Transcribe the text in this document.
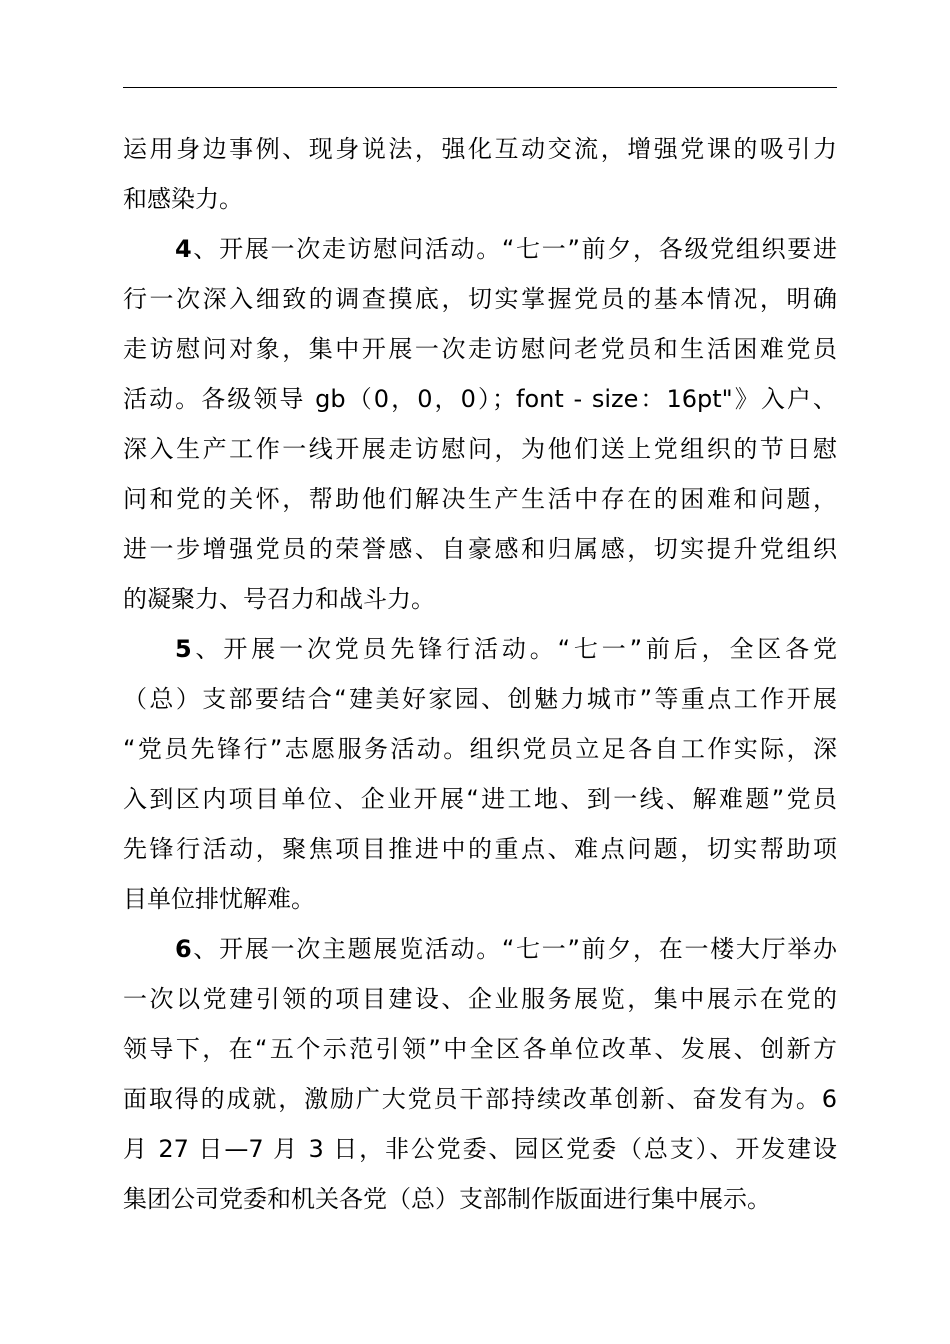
运用身边事例、现身说法，强化互动交流，增强党课的吸引力
和感染力。
4、开展一次走访慰问活动。“七一”前夕，各级党组织要进
行一次深入细致的调查摸底，切实掌握党员的基本情况，明确
走访慰问对象，集中开展一次走访慰问老党员和生活困难党员
活动。各级领导 gb（0，0，0）；font - size：16pt"》入户、
深入生产工作一线开展走访慰问，为他们送上党组织的节日慰
问和党的关怀，帮助他们解决生产生活中存在的困难和问题，
进一步增强党员的荣誉感、自豪感和归属感，切实提升党组织
的凝聚力、号召力和战斗力。
5、开展一次党员先锋行活动。“七一”前后，全区各党
（总）支部要结合“建美好家园、创魅力城市”等重点工作开展
“党员先锋行”志愿服务活动。组织党员立足各自工作实际，深
入到区内项目单位、企业开展“进工地、到一线、解难题”党员
先锋行活动，聚焦项目推进中的重点、难点问题，切实帮助项
目单位排忧解难。
6、开展一次主题展览活动。“七一”前夕，在一楼大厅举办
一次以党建引领的项目建设、企业服务展览，集中展示在党的
领导下，在“五个示范引领”中全区各单位改革、发展、创新方
面取得的成就，激励广大党员干部持续改革创新、奋发有为。6
月 27 日—7 月 3 日，非公党委、园区党委（总支）、开发建设
集团公司党委和机关各党（总）支部制作版面进行集中展示。
